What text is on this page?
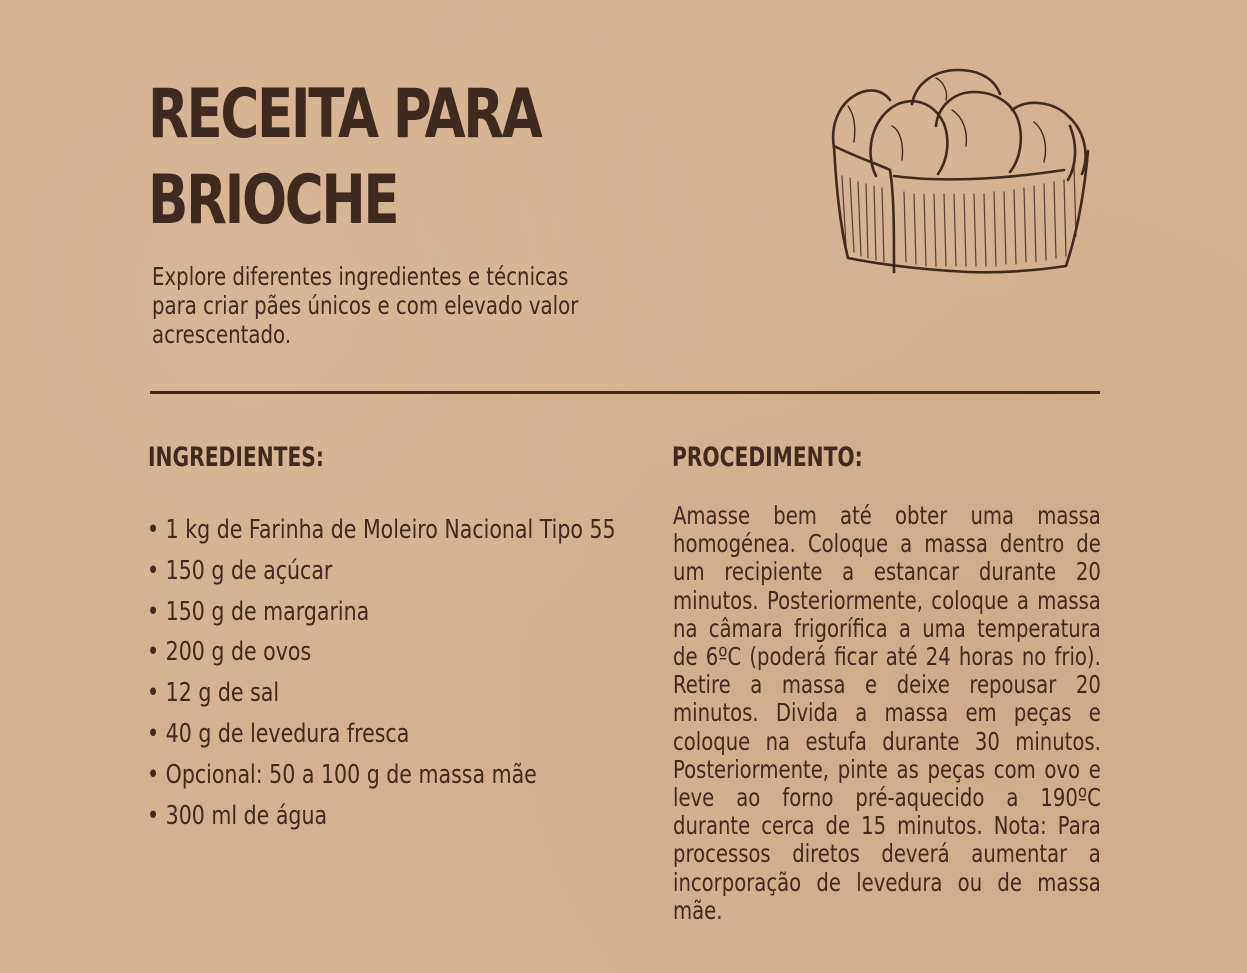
RECEITA PARA
BRIOCHE

Explore diferentes ingredientes e técnicas para criar pães únicos e com elevado valor acrescentado.

INGREDIENTES:
• 1 kg de Farinha de Moleiro Nacional Tipo 55
• 150 g de açúcar
• 150 g de margarina
• 200 g de ovos
• 12 g de sal
• 40 g de levedura fresca
• Opcional: 50 a 100 g de massa mãe
• 300 ml de água
PROCEDIMENTO:

Amasse bem até obter uma massa homogénea. Coloque a massa dentro de um recipiente a estancar durante 20 minutos. Posteriormente, coloque a massa na câmara frigorífica a uma temperatura de 6ºC (poderá ficar até 24 horas no frio). Retire a massa e deixe repousar 20 minutos. Divida a massa em peças e coloque na estufa durante 30 minutos. Posteriormente, pinte as peças com ovo e leve ao forno pré-aquecido a 190ºC durante cerca de 15 minutos. Nota: Para processos diretos deverá aumentar a incorporação de levedura ou de massa mãe.
